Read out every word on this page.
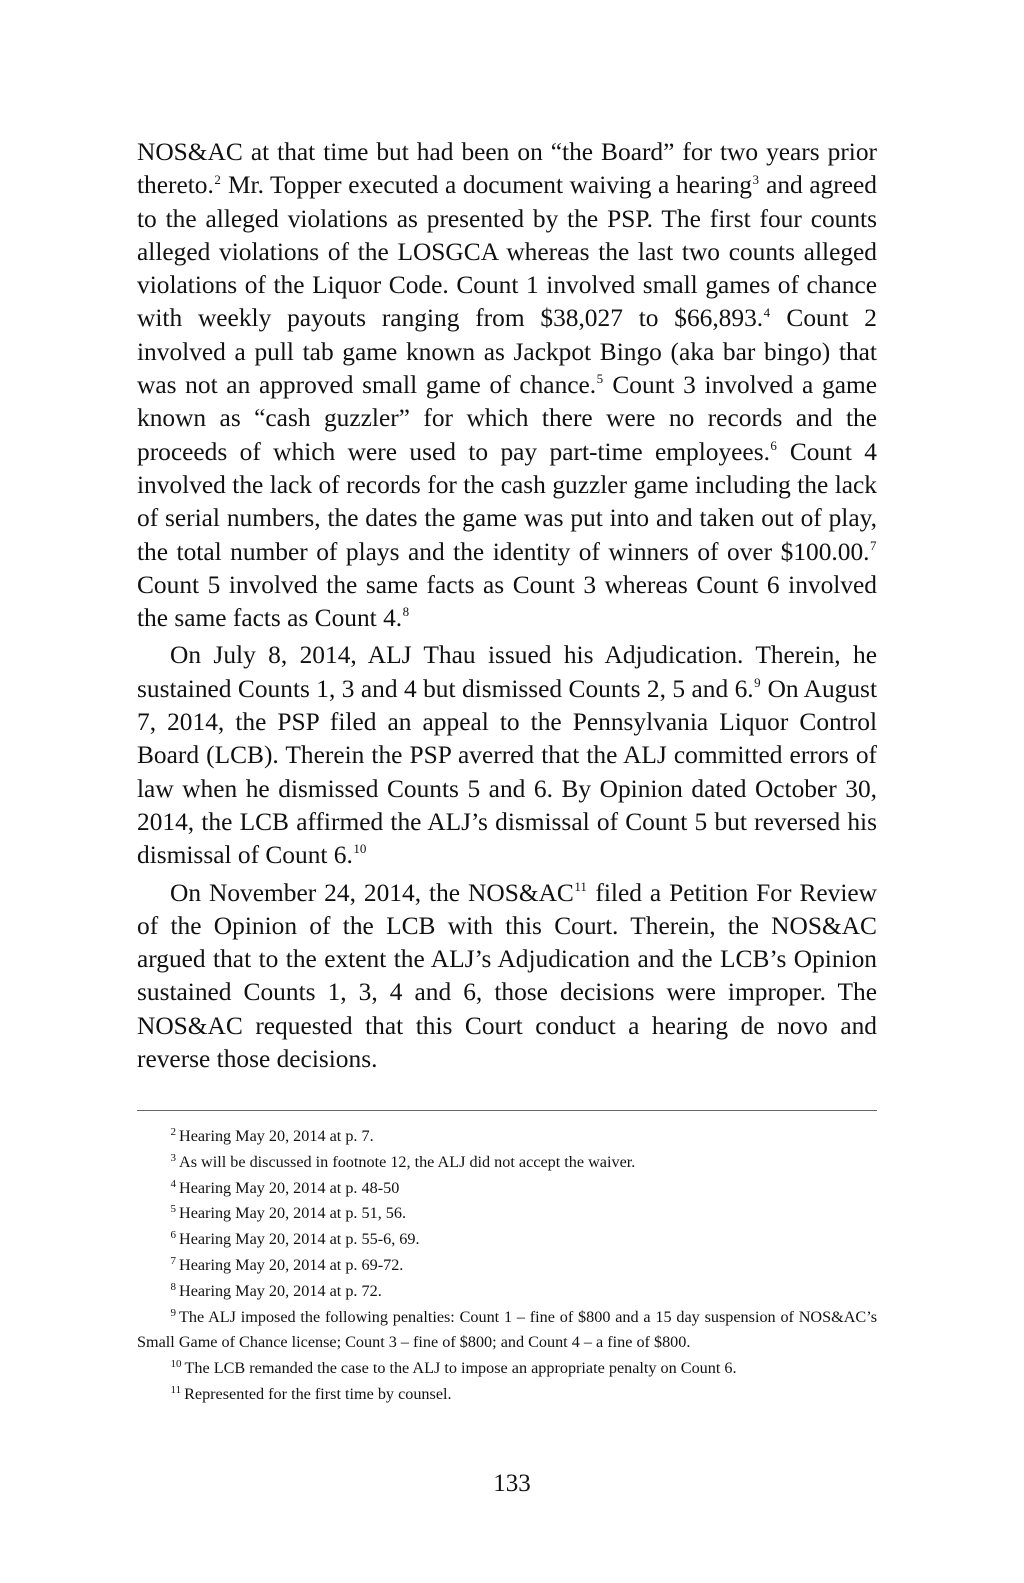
NOS&AC at that time but had been on “the Board” for two years prior thereto.$^2$ Mr. Topper executed a document waiving a hearing$^3$ and agreed to the alleged violations as presented by the PSP. The first four counts alleged violations of the LOSGCA whereas the last two counts alleged violations of the Liquor Code. Count 1 involved small games of chance with weekly payouts ranging from $38,027 to $66,893.$^4$ Count 2 involved a pull tab game known as Jackpot Bingo (aka bar bingo) that was not an approved small game of chance.$^5$ Count 3 involved a game known as “cash guzzler” for which there were no records and the proceeds of which were used to pay part-time employees.$^6$ Count 4 involved the lack of records for the cash guzzler game including the lack of serial numbers, the dates the game was put into and taken out of play, the total number of plays and the identity of winners of over $100.00.$^7$ Count 5 involved the same facts as Count 3 whereas Count 6 involved the same facts as Count 4.$^8$

On July 8, 2014, ALJ Thau issued his Adjudication. Therein, he sustained Counts 1, 3 and 4 but dismissed Counts 2, 5 and 6.$^9$ On August 7, 2014, the PSP filed an appeal to the Pennsylvania Liquor Control Board (LCB). Therein the PSP averred that the ALJ committed errors of law when he dismissed Counts 5 and 6. By Opinion dated October 30, 2014, the LCB affirmed the ALJ’s dismissal of Count 5 but reversed his dismissal of Count 6.10

On November 24, 2014, the NOS&AC$^{11}$ filed a Petition For Review of the Opinion of the LCB with this Court. Therein, the NOS&AC argued that to the extent the ALJ’s Adjudication and the LCB’s Opinion sustained Counts 1, 3, 4 and 6, those decisions were improper. The NOS&AC requested that this Court conduct a hearing de novo and reverse those decisions.

$^2$ Hearing May 20, 2014 at p. 7.

$^3$ As will be discussed in footnote 12, the ALJ did not accept the waiver.

$^4$ Hearing May 20, 2014 at p. 48-50

$^5$ Hearing May 20, 2014 at p. 51, 56.

$^6$ Hearing May 20, 2014 at p. 55-6, 69.

$^7$ Hearing May 20, 2014 at p. 69-72.

$^8$ Hearing May 20, 2014 at p. 72.

$^9$ The ALJ imposed the following penalties: Count 1 – fine of $800 and a 15 day suspension of NOS&AC’s Small Game of Chance license; Count 3 – fine of $800; and Count 4 – a fine of $800.

$^{10}$ The LCB remanded the case to the ALJ to impose an appropriate penalty on Count 6.

$^{11}$ Represented for the first time by counsel.

133
